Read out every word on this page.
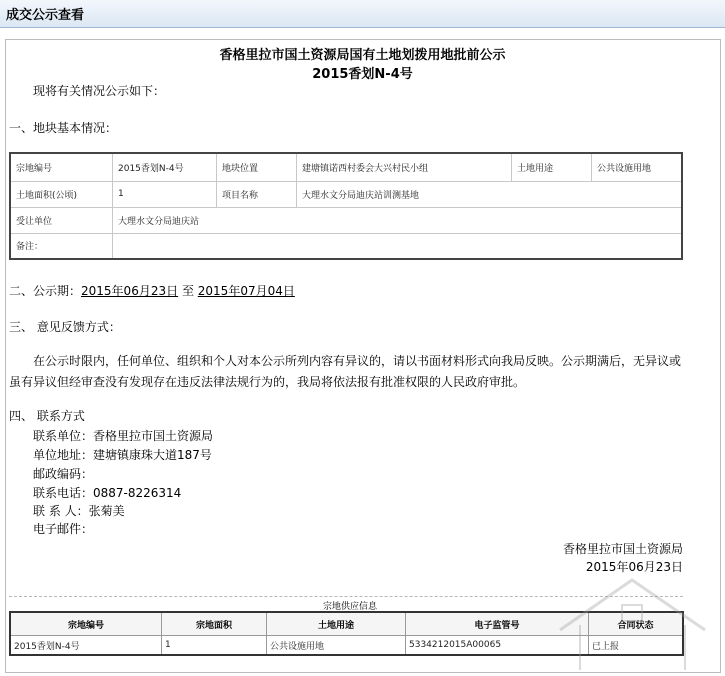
成交公示查看
香格里拉市国土资源局国有土地划拨用地批前公示
2015香划N-4号
现将有关情况公示如下：
一、地块基本情况：
宗地编号	2015香划N-4号	地块位置	建塘镇诺西村委会大兴村民小组	土地用途	公共设施用地
土地面积(公顷)	1	项目名称	大理水文分局迪庆站训测基地		
受让单位	大理水文分局迪庆站				
备注：					
二、公示期：2015年06月23日 至 2015年07月04日
三、 意见反馈方式：
在公示时限内，任何单位、组织和个人对本公示所列内容有异议的，请以书面材料形式向我局反映。公示期满后，无异议或
虽有异议但经审查没有发现存在违反法律法规行为的，我局将依法报有批准权限的人民政府审批。
四、 联系方式
联系单位：香格里拉市国土资源局
单位地址：建塘镇康珠大道187号
邮政编码：
联系电话：0887-8226314
联 系 人：张菊美
电子邮件：
香格里拉市国土资源局
2015年06月23日
宗地供应信息
宗地编号	宗地面积	土地用途	电子监管号	合同状态
2015香划N-4号	1	公共设施用地	5334212015A00065	已上报
